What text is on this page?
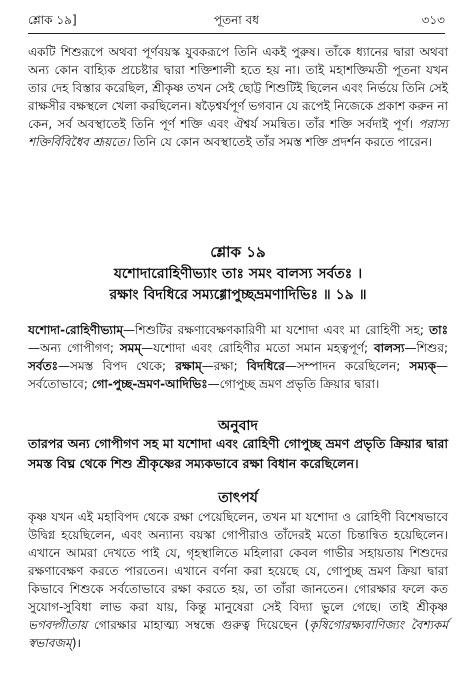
শ্লোক ১৯]	পূতনা বধ	৩১৩

একটি শিশুরূপে অথবা পূর্ণবয়স্ক যুবকরূপে তিনি একই পুরুষ। তাঁকে ধ্যানের দ্বারা অথবা অন্য কোন বাহ্যিক প্রচেষ্টার দ্বারা শক্তিশালী হতে হয় না। তাই মহাশক্তিমতী পূতনা যখন তার দেহ বিস্তার করেছিল, শ্রীকৃষ্ণ তখন সেই ছোট্ট শিশুটিই ছিলেন এবং নির্ভয়ে তিনি সেই রাক্ষসীর বক্ষস্থলে খেলা করছিলেন। ষড়ৈশ্বর্যপূর্ণ ভগবান যে রূপেই নিজেকে প্রকাশ করুন না কেন, সর্ব অবস্থাতেই তিনি পূর্ণ শক্তি এবং ঐশ্বর্য সমন্বিত। তাঁর শক্তি সর্বদাই পূর্ণ। পরাস্য শক্তির্বিবিধৈব শ্রূয়তে। তিনি যে কোন অবস্থাতেই তাঁর সমস্ত শক্তি প্রদর্শন করতে পারেন।

শ্লোক ১৯
যশোদারোহিণীভ্যাং তাঃ সমং বালস্য সর্বতঃ ।
রক্ষাং বিদধিরে সম্যগ্গোপুচ্ছভ্রমণাদিভিঃ ॥ ১৯ ॥

যশোদা-রোহিণীভ্যাম্—শিশুটির রক্ষণাবেক্ষণকারিণী মা যশোদা এবং মা রোহিণী সহ; তাঃ—অন্য গোপীগণ; সমম্—যশোদা এবং রোহিণীর মতো সমান মহত্বপূর্ণ; বালস্য—শিশুর; সর্বতঃ—সমস্ত বিপদ থেকে; রক্ষাম্—রক্ষা; বিদধিরে—সম্পাদন করেছিলেন; সম্যক্—সর্বতোভাবে; গো-পুচ্ছ-ভ্রমণ-আদিভিঃ—গোপুচ্ছ ভ্রমণ প্রভৃতি ক্রিয়ার দ্বারা।

অনুবাদ

তারপর অন্য গোপীগণ সহ মা যশোদা এবং রোহিণী গোপুচ্ছ ভ্রমণ প্রভৃতি ক্রিয়ার দ্বারা সমস্ত বিঘ্ন থেকে শিশু শ্রীকৃষ্ণের সম্যকভাবে রক্ষা বিধান করেছিলেন।

তাৎপর্য

কৃষ্ণ যখন এই মহাবিপদ থেকে রক্ষা পেয়েছিলেন, তখন মা যশোদা ও রোহিণী বিশেষভাবে উদ্বিগ্ন হয়েছিলেন, এবং অন্যান্য বয়স্কা গোপীরাও তাঁদেরই মতো চিন্তান্বিত হয়েছিলেন। এখানে আমরা দেখতে পাই যে, গৃহস্থালিতে মহিলারা কেবল গাভীর সহায়তায় শিশুদের রক্ষণাবেক্ষণ করতে পারতেন। এখানে বর্ণনা করা হয়েছে যে, গোপুচ্ছ ভ্রমণ ক্রিয়া দ্বারা কিভাবে শিশুকে সর্বতোভাবে রক্ষা করতে হয়, তা তাঁরা জানতেন। গোরক্ষার ফলে কত সুযোগ-সুবিধা লাভ করা যায়, কিন্তু মানুষেরা সেই বিদ্যা ভুলে গেছে। তাই শ্রীকৃষ্ণ ভগবদ্গীতায় গোরক্ষার মাহাত্ম্য সম্বন্ধে গুরুত্ব দিয়েছেন (কৃষিগোরক্ষ্যবাণিজ্যং বৈশ্যকর্ম স্বভাবজম্)।
